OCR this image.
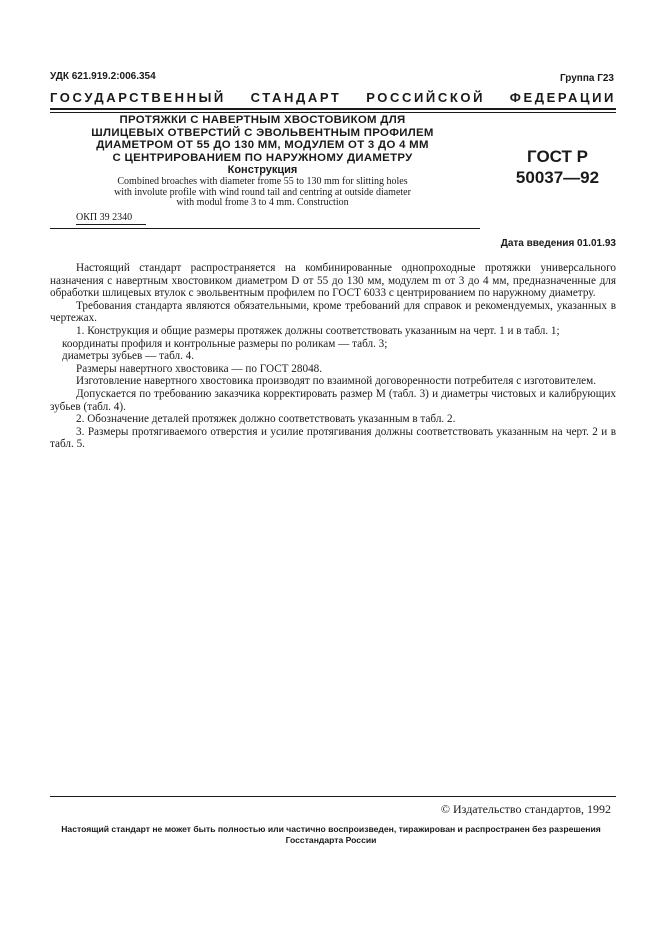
УДК 621.919.2:006.354	Группа Г23
ГОСУДАРСТВЕННЫЙ СТАНДАРТ РОССИЙСКОЙ ФЕДЕРАЦИИ
ПРОТЯЖКИ С НАВЕРТНЫМ ХВОСТОВИКОМ ДЛЯ
ШЛИЦЕВЫХ ОТВЕРСТИЙ С ЭВОЛЬВЕНТНЫМ ПРОФИЛЕМ
ДИАМЕТРОМ ОТ 55 ДО 130 ММ, МОДУЛЕМ ОТ 3 ДО 4 ММ
С ЦЕНТРИРОВАНИЕМ ПО НАРУЖНОМУ ДИАМЕТРУ
Конструкция
Combined broaches with diameter frome 55 to 130 mm for slitting holes
with involute profile with wind round tail and centring at outside diameter
with modul frome 3 to 4 mm. Construction
ГОСТ Р
50037—92
ОКП 39 2340
Дата введения 01.01.93
Настоящий стандарт распространяется на комбинированные однопроходные протяжки универсального назначения с навертным хвостовиком диаметром D от 55 до 130 мм, модулем m от 3 до 4 мм, предназначенные для обработки шлицевых втулок с эвольвентным профилем по ГОСТ 6033 с центрированием по наружному диаметру.
Требования стандарта являются обязательными, кроме требований для справок и рекомендуемых, указанных в чертежах.
1. Конструкция и общие размеры протяжек должны соответствовать указанным на черт. 1 и в табл. 1;
координаты профиля и контрольные размеры по роликам — табл. 3;
диаметры зубьев — табл. 4.
Размеры навертного хвостовика — по ГОСТ 28048.
Изготовление навертного хвостовика производят по взаимной договоренности потребителя с изготовителем.
Допускается по требованию заказчика корректировать размер М (табл. 3) и диаметры чистовых и калибрующих зубьев (табл. 4).
2. Обозначение деталей протяжек должно соответствовать указанным в табл. 2.
3. Размеры протягиваемого отверстия и усилие протягивания должны соответствовать указанным на черт. 2 и в табл. 5.
© Издательство стандартов, 1992
Настоящий стандарт не может быть полностью или частично воспроизведен, тиражирован и распространен без разрешения
Госстандарта России
